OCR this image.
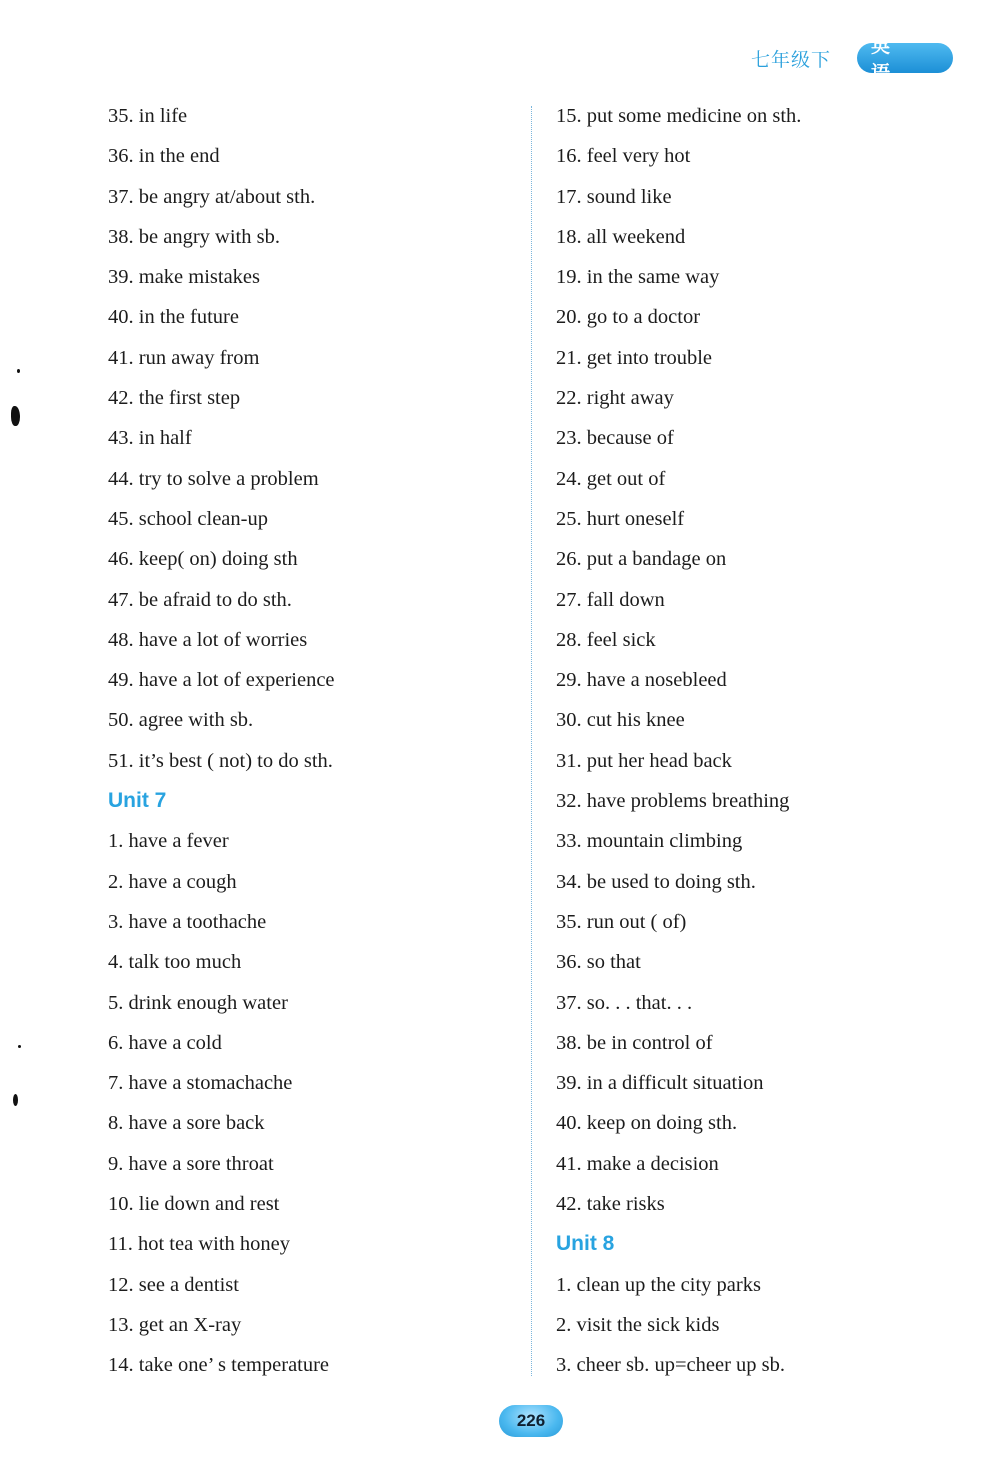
七年级下
英 语
35. in life
36. in the end
37. be angry at/about sth.
38. be angry with sb.
39. make mistakes
40. in the future
41. run away from
42. the first step
43. in half
44. try to solve a problem
45. school clean-up
46. keep( on) doing sth
47. be afraid to do sth.
48. have a lot of worries
49. have a lot of experience
50. agree with sb.
51. it’s best ( not) to do sth.
Unit 7
1. have a fever
2. have a cough
3. have a toothache
4. talk too much
5. drink enough water
6. have a cold
7. have a stomachache
8. have a sore back
9. have a sore throat
10. lie down and rest
11. hot tea with honey
12. see a dentist
13. get an X-ray
14. take one’ s temperature
15. put some medicine on sth.
16. feel very hot
17. sound like
18. all weekend
19. in the same way
20. go to a doctor
21. get into trouble
22. right away
23. because of
24. get out of
25. hurt oneself
26. put a bandage on
27. fall down
28. feel sick
29. have a nosebleed
30. cut his knee
31. put her head back
32. have problems breathing
33. mountain climbing
34. be used to doing sth.
35. run out ( of)
36. so that
37. so. . . that. . .
38. be in control of
39. in a difficult situation
40. keep on doing sth.
41. make a decision
42. take risks
Unit 8
1. clean up the city parks
2. visit the sick kids
3. cheer sb. up=cheer up sb.
226
